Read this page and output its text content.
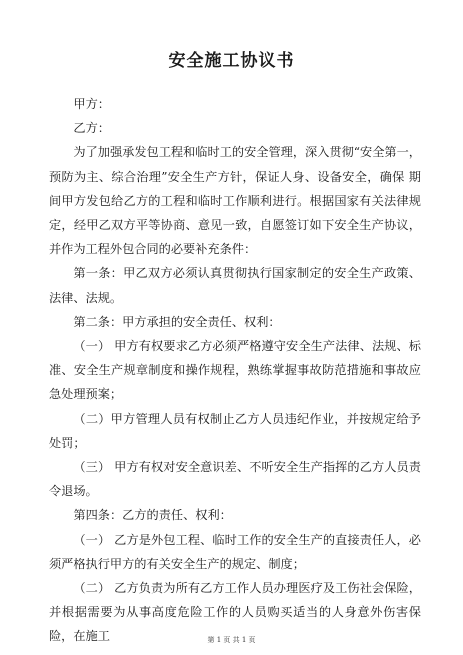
安全施工协议书

甲方：

乙方：

为了加强承发包工程和临时工的安全管理，深入贯彻“安全第一，预防为主、综合治理”安全生产方针，保证人身、设备安全，确保 期间甲方发包给乙方的工程和临时工作顺利进行。根据国家有关法律规定，经甲乙双方平等协商、意见一致，自愿签订如下安全生产协议，并作为工程外包合同的必要补充条件：

第一条：甲乙双方必须认真贯彻执行国家制定的安全生产政策、法律、法规。

第二条：甲方承担的安全责任、权利：

（一） 甲方有权要求乙方必须严格遵守安全生产法律、法规、标准、安全生产规章制度和操作规程，熟练掌握事故防范措施和事故应急处理预案；

（二）甲方管理人员有权制止乙方人员违纪作业，并按规定给予处罚；

（三） 甲方有权对安全意识差、不听安全生产指挥的乙方人员责令退场。

第四条：乙方的责任、权利：

（一） 乙方是外包工程、临时工作的安全生产的直接责任人，必须严格执行甲方的有关安全生产的规定、制度；

（二） 乙方负责为所有乙方工作人员办理医疗及工伤社会保险，并根据需要为从事高度危险工作的人员购买适当的人身意外伤害保险，在施工	第 1 页 共 1 页
